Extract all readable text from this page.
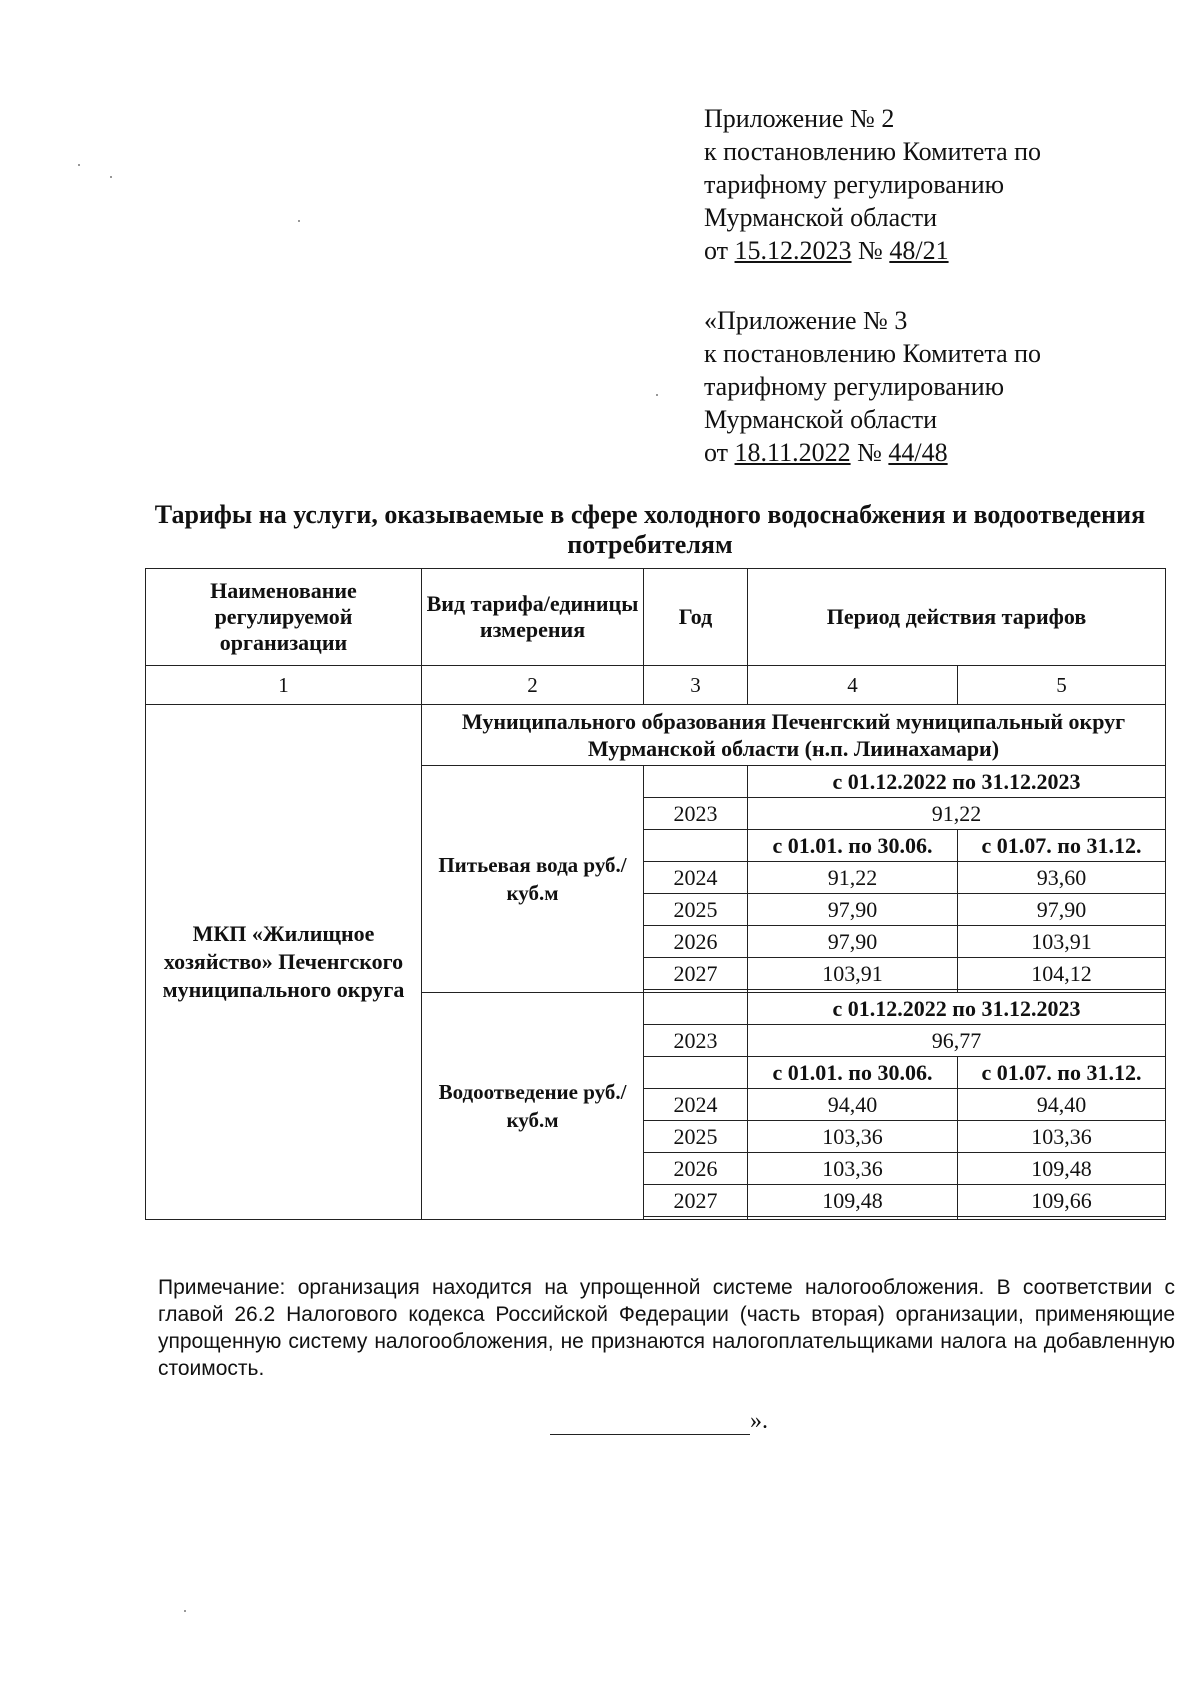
Приложение № 2
к постановлению Комитета по
тарифному регулированию
Мурманской области
от 15.12.2023 № 48/21
«Приложение № 3
к постановлению Комитета по
тарифному регулированию
Мурманской области
от 18.11.2022 № 44/48
Тарифы на услуги, оказываемые в сфере холодного водоснабжения и водоотведения потребителям
Наименование регулируемой организации	Вид тарифа/единицы измерения	Год	Период действия тарифов	
1	2	3	4	5
МКП «Жилищное хозяйство» Печенгского муниципального округа	Муниципального образования Печенгский муниципальный округ Мурманской области (н.п. Лиинахамари)			
	Питьевая вода руб./куб.м		с 01.12.2022 по 31.12.2023	
		2023	91,22	
			с 01.01. по 30.06.	с 01.07. по 31.12.
		2024	91,22	93,60
		2025	97,90	97,90
		2026	97,90	103,91
		2027	103,91	104,12

	Водоотведение руб./куб.м		с 01.12.2022 по 31.12.2023	
		2023	96,77	
			с 01.01. по 30.06.	с 01.07. по 31.12.
		2024	94,40	94,40
		2025	103,36	103,36
		2026	103,36	109,48
		2027	109,48	109,66

Примечание: организация находится на упрощенной системе налогообложения. В соответствии с главой 26.2 Налогового кодекса Российской Федерации (часть вторая) организации, применяющие упрощенную систему налогообложения, не признаются налогоплательщиками налога на добавленную стоимость.
».
